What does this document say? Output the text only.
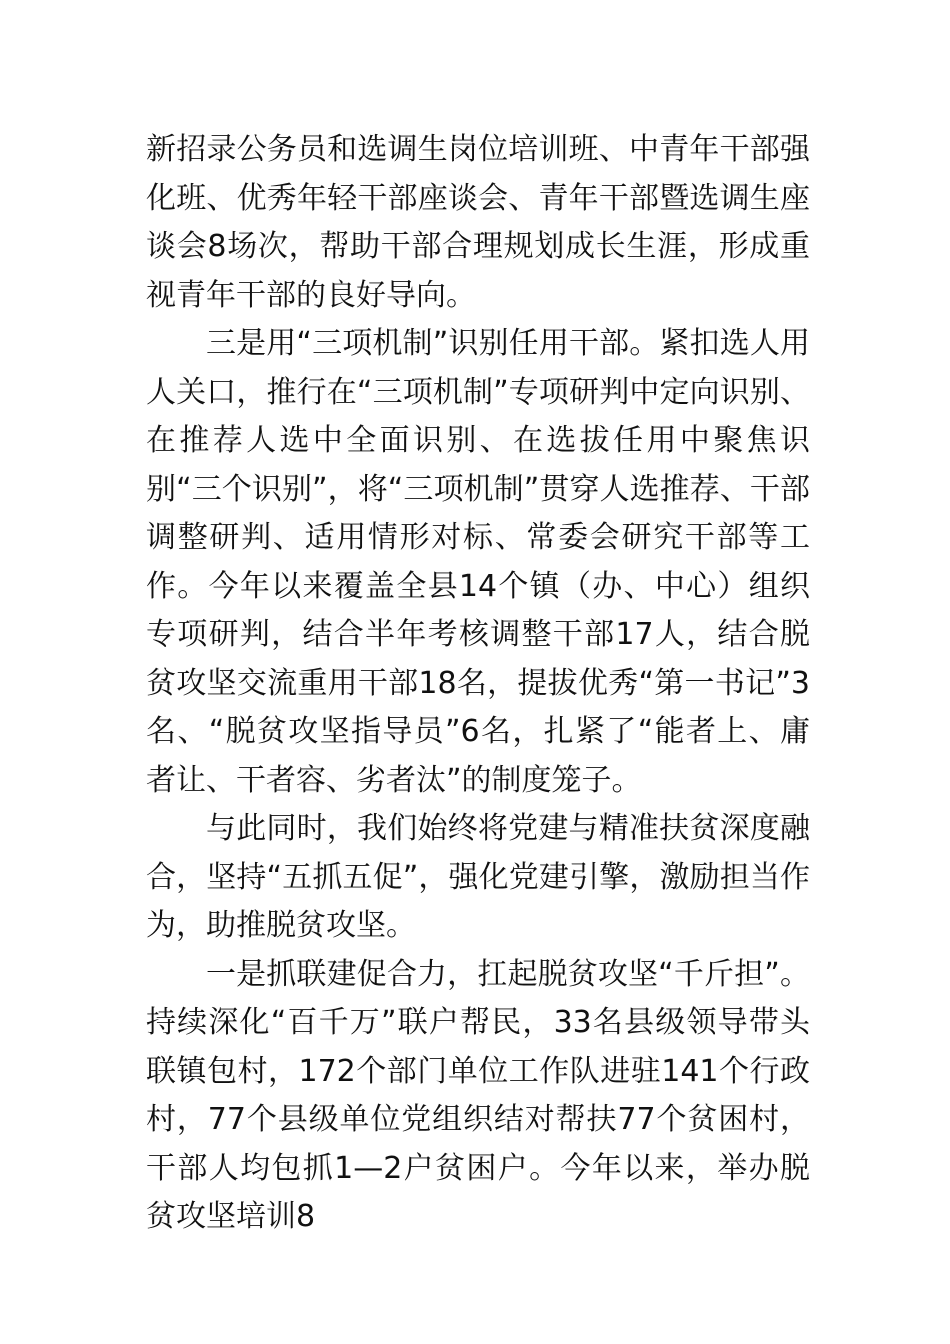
新招录公务员和选调生岗位培训班、中青年干部强化班、优秀年轻干部座谈会、青年干部暨选调生座谈会8场次，帮助干部合理规划成长生涯，形成重视青年干部的良好导向。

三是用“三项机制”识别任用干部。紧扣选人用人关口，推行在“三项机制”专项研判中定向识别、在推荐人选中全面识别、在选拔任用中聚焦识别“三个识别”，将“三项机制”贯穿人选推荐、干部调整研判、适用情形对标、常委会研究干部等工作。今年以来覆盖全县14个镇（办、中心）组织专项研判，结合半年考核调整干部17人，结合脱贫攻坚交流重用干部18名，提拔优秀“第一书记”3名、“脱贫攻坚指导员”6名，扎紧了“能者上、庸者让、干者容、劣者汰”的制度笼子。

与此同时，我们始终将党建与精准扶贫深度融合，坚持“五抓五促”，强化党建引擎，激励担当作为，助推脱贫攻坚。

一是抓联建促合力，扛起脱贫攻坚“千斤担”。持续深化“百千万”联户帮民，33名县级领导带头联镇包村，172个部门单位工作队进驻141个行政村，77个县级单位党组织结对帮扶77个贫困村，干部人均包抓1—2户贫困户。今年以来，举办脱贫攻坚培训8
